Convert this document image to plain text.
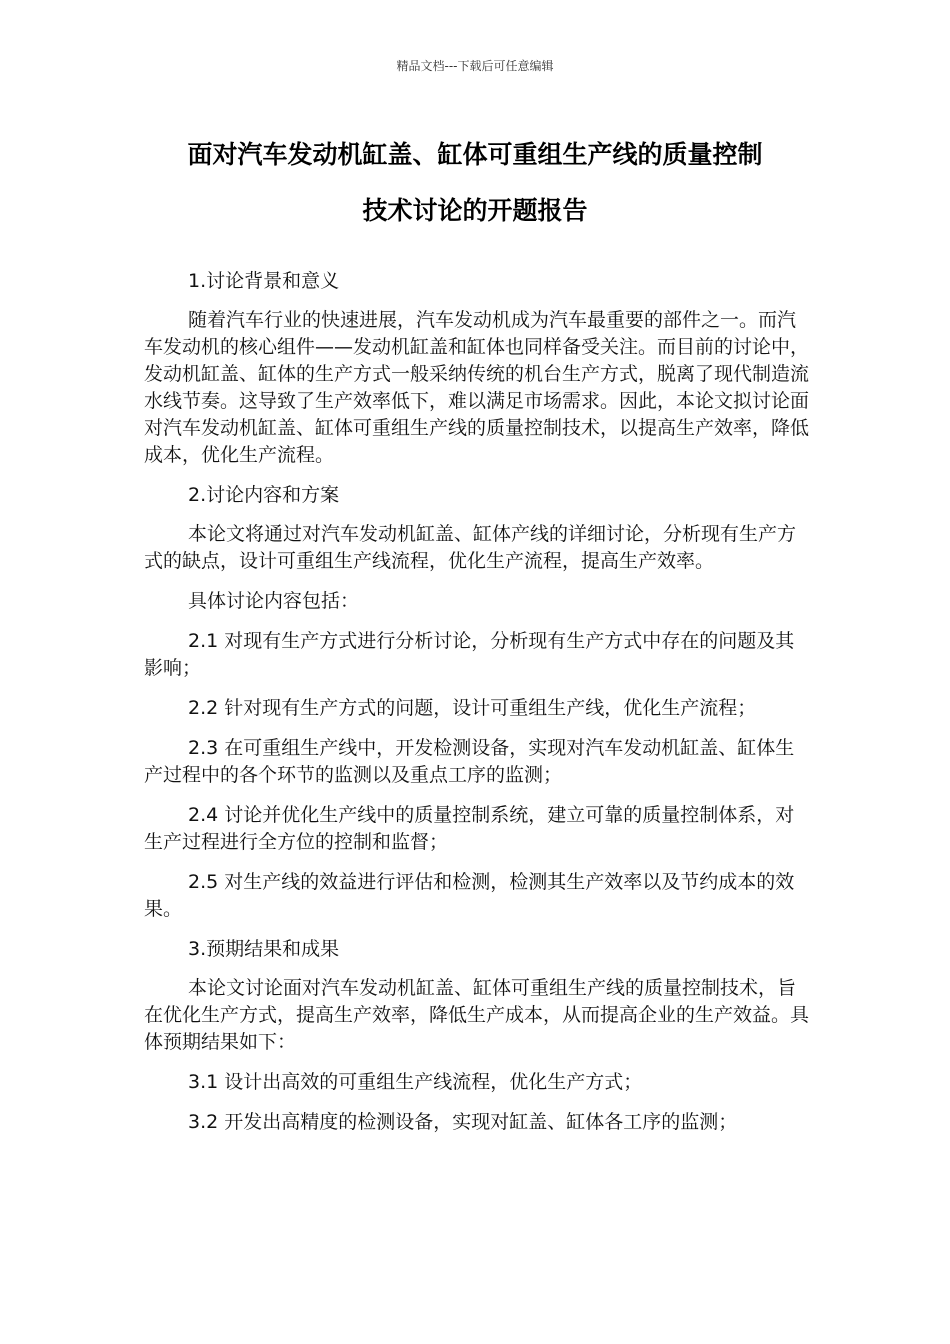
精品文档---下载后可任意编辑
面对汽车发动机缸盖、缸体可重组生产线的质量控制
技术讨论的开题报告

1.讨论背景和意义

随着汽车行业的快速进展，汽车发动机成为汽车最重要的部件之一。而汽车发动机的核心组件——发动机缸盖和缸体也同样备受关注。而目前的讨论中，发动机缸盖、缸体的生产方式一般采纳传统的机台生产方式，脱离了现代制造流水线节奏。这导致了生产效率低下，难以满足市场需求。因此，本论文拟讨论面对汽车发动机缸盖、缸体可重组生产线的质量控制技术，以提高生产效率，降低成本，优化生产流程。

2.讨论内容和方案

本论文将通过对汽车发动机缸盖、缸体产线的详细讨论，分析现有生产方式的缺点，设计可重组生产线流程，优化生产流程，提高生产效率。

具体讨论内容包括：

2.1 对现有生产方式进行分析讨论，分析现有生产方式中存在的问题及其影响；

2.2 针对现有生产方式的问题，设计可重组生产线，优化生产流程；

2.3 在可重组生产线中，开发检测设备，实现对汽车发动机缸盖、缸体生产过程中的各个环节的监测以及重点工序的监测；

2.4 讨论并优化生产线中的质量控制系统，建立可靠的质量控制体系，对生产过程进行全方位的控制和监督；

2.5 对生产线的效益进行评估和检测，检测其生产效率以及节约成本的效果。

3.预期结果和成果

本论文讨论面对汽车发动机缸盖、缸体可重组生产线的质量控制技术，旨在优化生产方式，提高生产效率，降低生产成本，从而提高企业的生产效益。具体预期结果如下：

3.1 设计出高效的可重组生产线流程，优化生产方式；

3.2 开发出高精度的检测设备，实现对缸盖、缸体各工序的监测；
